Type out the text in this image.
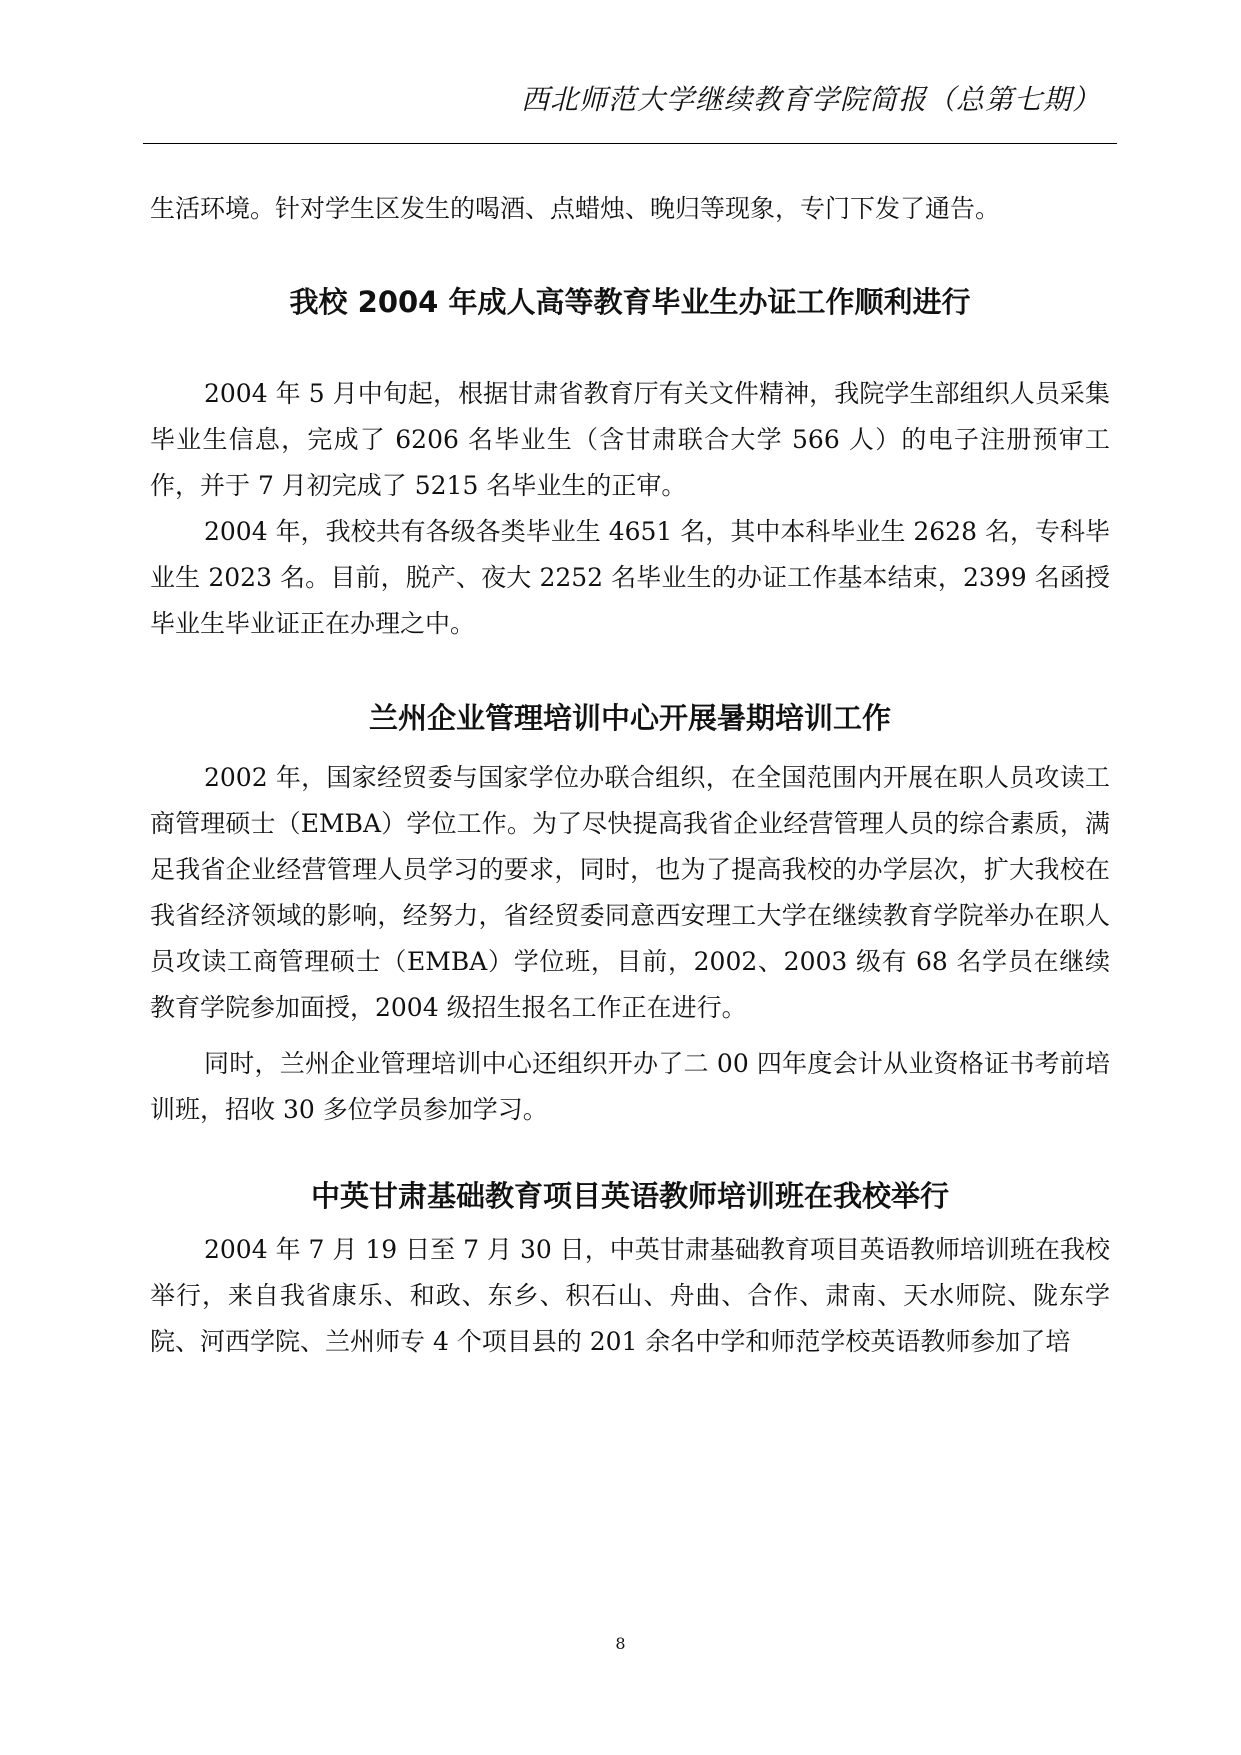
西北师范大学继续教育学院简报（总第七期）

生活环境。针对学生区发生的喝酒、点蜡烛、晚归等现象，专门下发了通告。

我校 2004 年成人高等教育毕业生办证工作顺利进行

2004 年 5 月中旬起，根据甘肃省教育厅有关文件精神，我院学生部组织人员采集毕业生信息，完成了 6206 名毕业生（含甘肃联合大学 566 人）的电子注册预审工作，并于 7 月初完成了 5215 名毕业生的正审。

2004 年，我校共有各级各类毕业生 4651 名，其中本科毕业生 2628 名，专科毕业生 2023 名。目前，脱产、夜大 2252 名毕业生的办证工作基本结束，2399 名函授毕业生毕业证正在办理之中。

兰州企业管理培训中心开展暑期培训工作

2002 年，国家经贸委与国家学位办联合组织，在全国范围内开展在职人员攻读工商管理硕士（EMBA）学位工作。为了尽快提高我省企业经营管理人员的综合素质，满足我省企业经营管理人员学习的要求，同时，也为了提高我校的办学层次，扩大我校在我省经济领域的影响，经努力，省经贸委同意西安理工大学在继续教育学院举办在职人员攻读工商管理硕士（EMBA）学位班，目前，2002、2003 级有 68 名学员在继续教育学院参加面授，2004 级招生报名工作正在进行。

同时，兰州企业管理培训中心还组织开办了二 00 四年度会计从业资格证书考前培训班，招收 30 多位学员参加学习。

中英甘肃基础教育项目英语教师培训班在我校举行

2004 年 7 月 19 日至 7 月 30 日，中英甘肃基础教育项目英语教师培训班在我校举行，来自我省康乐、和政、东乡、积石山、舟曲、合作、肃南、天水师院、陇东学院、河西学院、兰州师专 4 个项目县的 201 余名中学和师范学校英语教师参加了培

8
